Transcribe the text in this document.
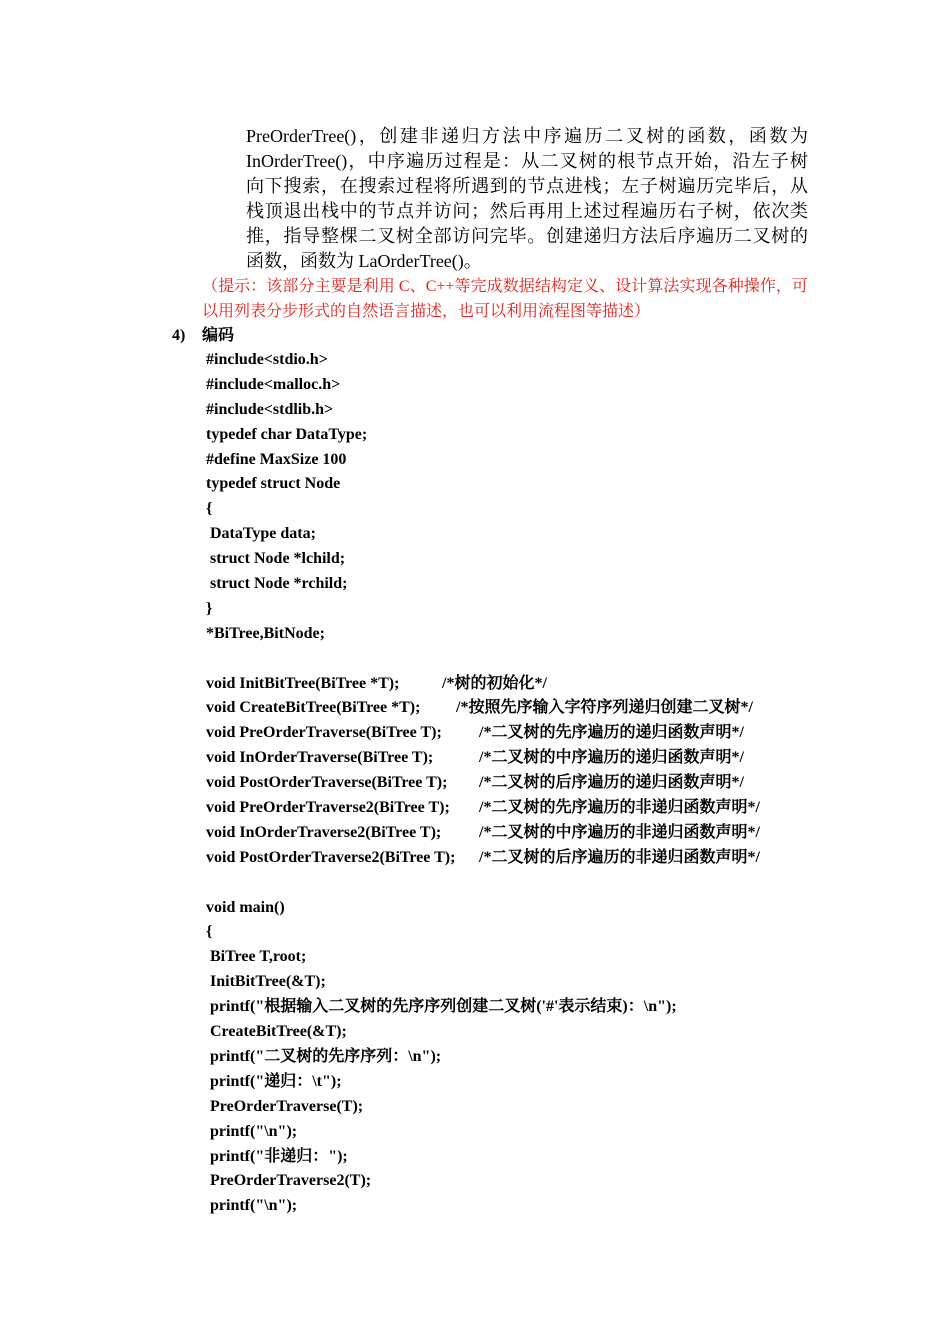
PreOrderTree()，创建非递归方法中序遍历二叉树的函数，函数为
InOrderTree()，中序遍历过程是：从二叉树的根节点开始，沿左子树
向下搜索，在搜索过程将所遇到的节点进栈；左子树遍历完毕后，从
栈顶退出栈中的节点并访问；然后再用上述过程遍历右子树，依次类
推，指导整棵二叉树全部访问完毕。创建递归方法后序遍历二叉树的
函数，函数为 LaOrderTree()。
（提示：该部分主要是利用 C、C++等完成数据结构定义、设计算法实现各种操作，可
以用列表分步形式的自然语言描述，也可以利用流程图等描述）
4) 编码
#include<stdio.h>
#include<malloc.h>
#include<stdlib.h>
typedef char DataType;
#define MaxSize 100
typedef struct Node
{
DataType data;
struct Node *lchild;
struct Node *rchild;
}
*BiTree,BitNode;
void InitBitTree(BiTree *T);	/*树的初始化*/
void CreateBitTree(BiTree *T); /*按照先序输入字符序列递归创建二叉树*/
void PreOrderTraverse(BiTree T); /*二叉树的先序遍历的递归函数声明*/
void InOrderTraverse(BiTree T);	/*二叉树的中序遍历的递归函数声明*/
void PostOrderTraverse(BiTree T); /*二叉树的后序遍历的递归函数声明*/
void PreOrderTraverse2(BiTree T); /*二叉树的先序遍历的非递归函数声明*/
void InOrderTraverse2(BiTree T); /*二叉树的中序遍历的非递归函数声明*/
void PostOrderTraverse2(BiTree T); /*二叉树的后序遍历的非递归函数声明*/
void main()
{
BiTree T,root;
InitBitTree(&T);
printf("根据输入二叉树的先序序列创建二叉树('#'表示结束)：\n");
CreateBitTree(&T);
printf("二叉树的先序序列：\n");
printf("递归：\t");
PreOrderTraverse(T);
printf("\n");
printf("非递归：");
PreOrderTraverse2(T);
printf("\n");
